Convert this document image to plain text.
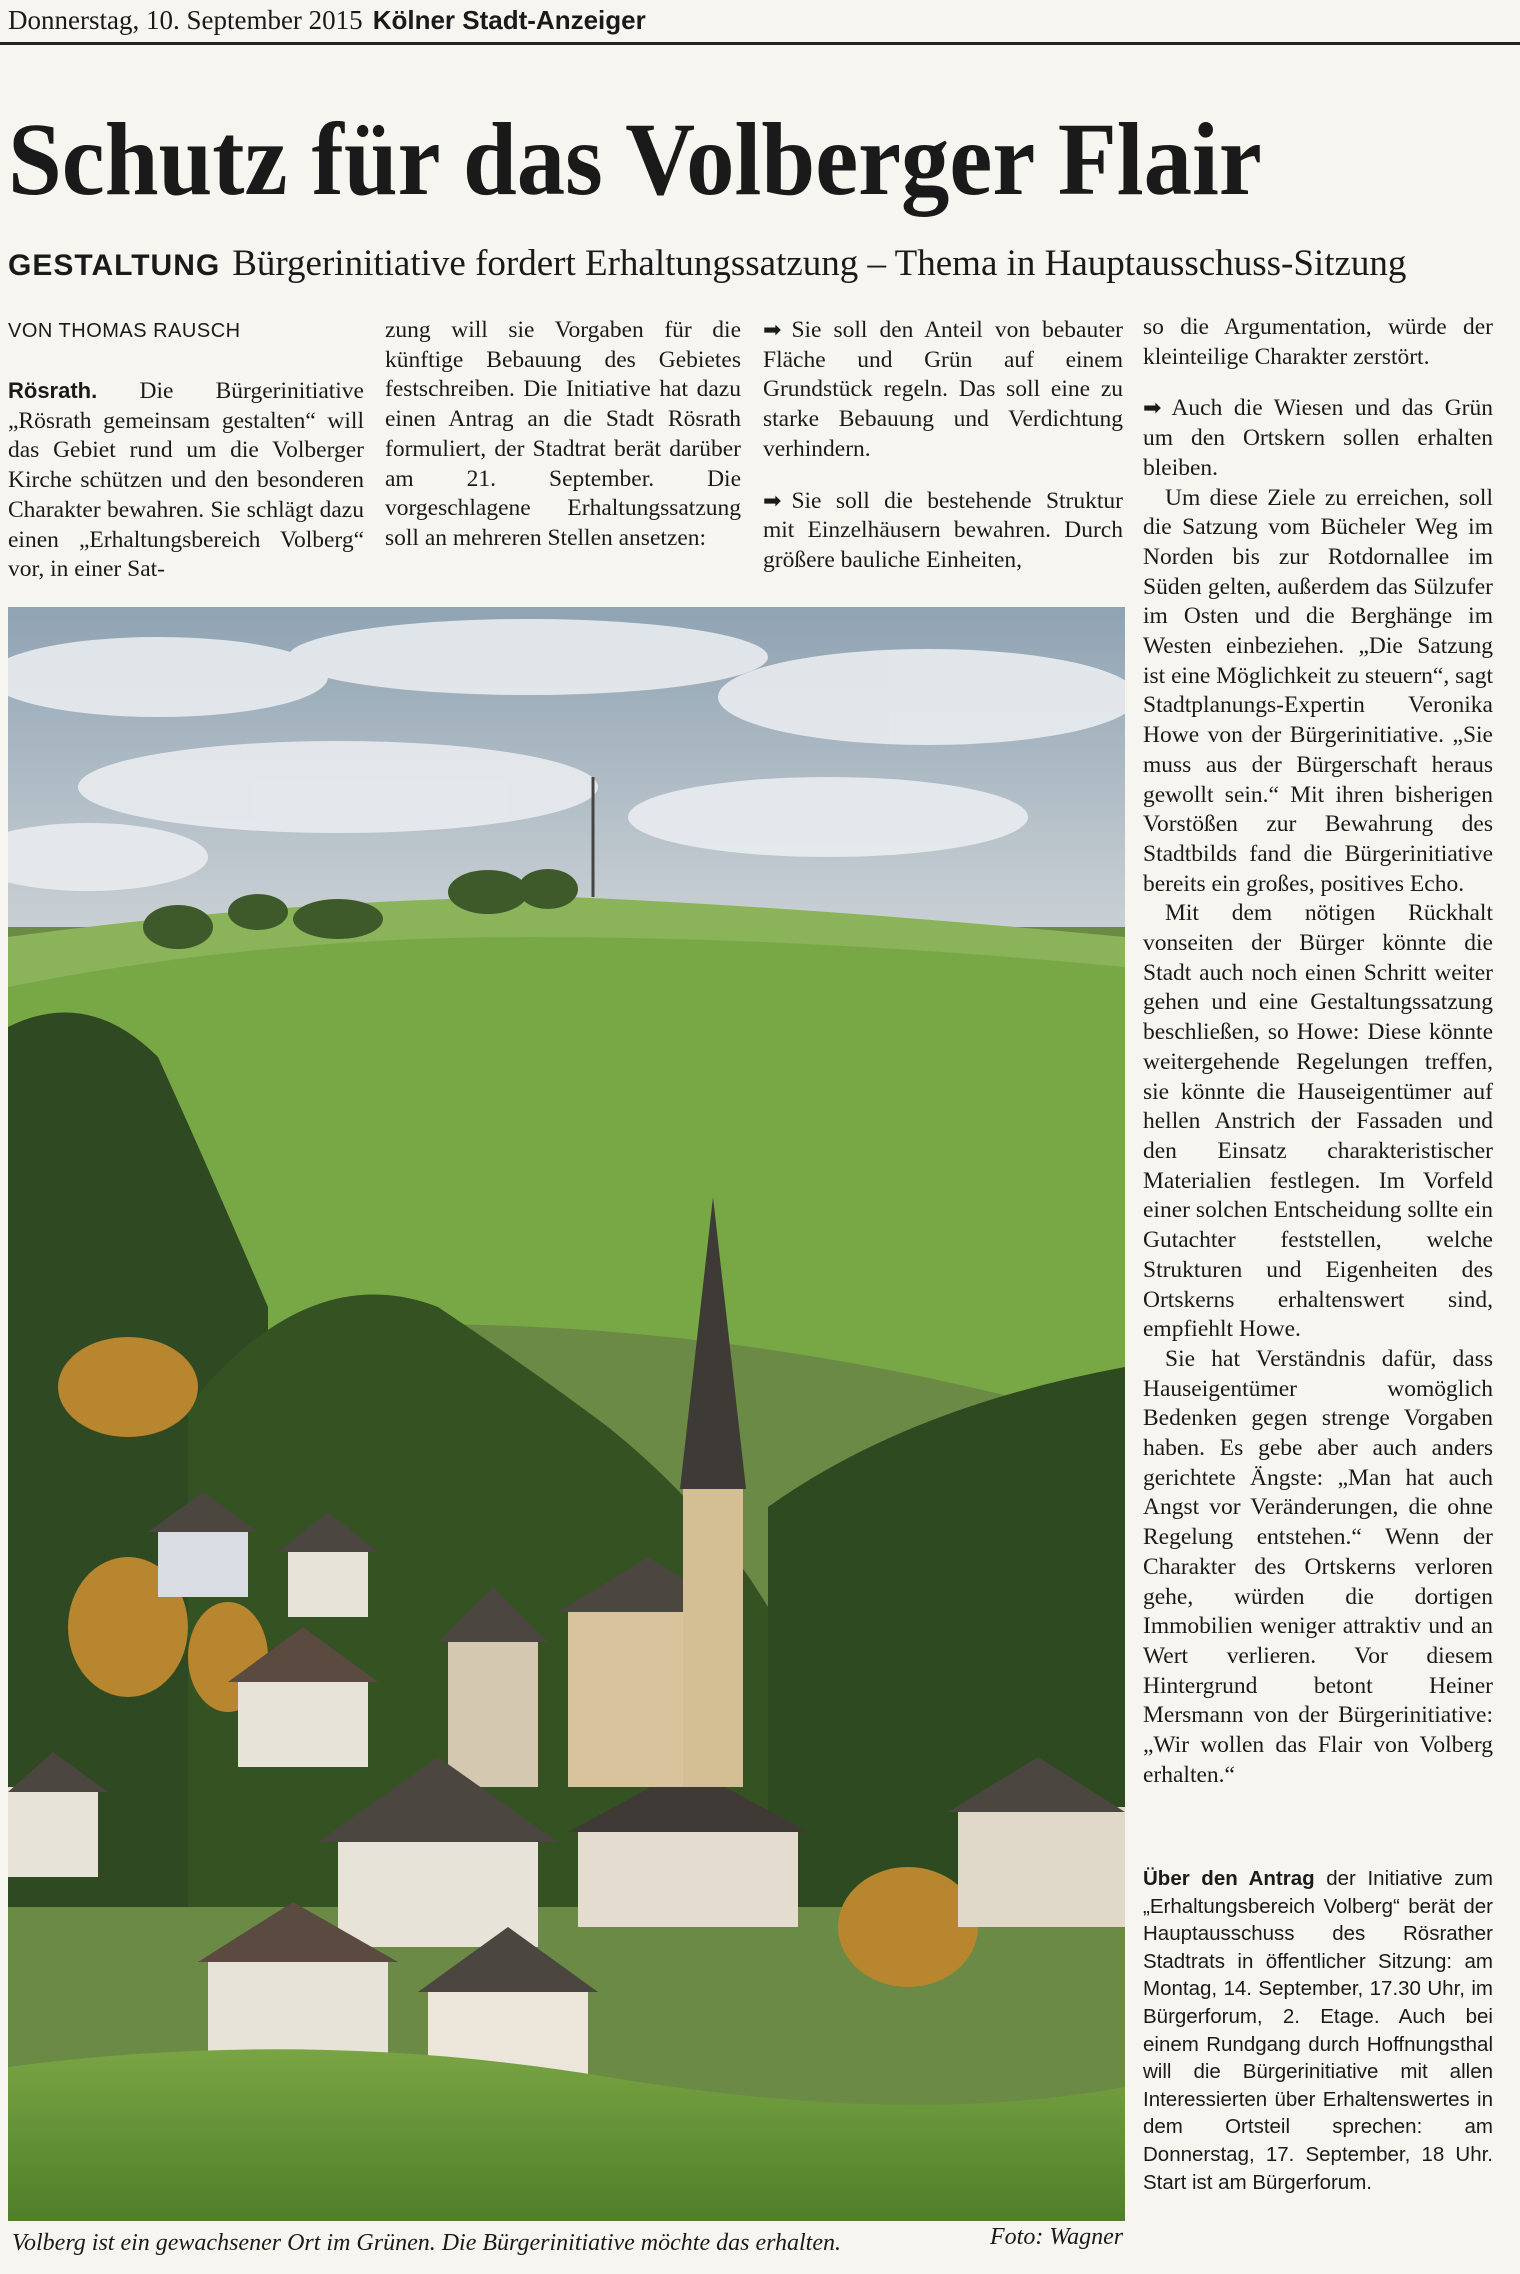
Donnerstag, 10. September 2015 Kölner Stadt-Anzeiger
Schutz für das Volberger Flair
GESTALTUNG Bürgerinitiative fordert Erhaltungssatzung – Thema in Hauptausschuss-Sitzung
VON THOMAS RAUSCH

Rösrath. Die Bürgerinitiative „Rösrath gemeinsam gestalten“ will das Gebiet rund um die Volberger Kirche schützen und den besonderen Charakter bewahren. Sie schlägt dazu einen „Erhaltungsbereich Volberg“ vor, in einer Sat-

zung will sie Vorgaben für die künftige Bebauung des Gebietes festschreiben. Die Initiative hat dazu einen Antrag an die Stadt Rösrath formuliert, der Stadtrat berät darüber am 21. September. Die vorgeschlagene Erhaltungssatzung soll an mehreren Stellen ansetzen:

➡ Sie soll den Anteil von bebauter Fläche und Grün auf einem Grundstück regeln. Das soll eine zu starke Bebauung und Verdichtung verhindern.

➡ Sie soll die bestehende Struktur mit Einzelhäusern bewahren. Durch größere bauliche Einheiten,

so die Argumentation, würde der kleinteilige Charakter zerstört.

➡ Auch die Wiesen und das Grün um den Ortskern sollen erhalten bleiben.

Um diese Ziele zu erreichen, soll die Satzung vom Bücheler Weg im Norden bis zur Rotdornallee im Süden gelten, außerdem das Sülzufer im Osten und die Berghänge im Westen einbeziehen. „Die Satzung ist eine Möglichkeit zu steuern“, sagt Stadtplanungs-Expertin Veronika Howe von der Bürgerinitiative. „Sie muss aus der Bürgerschaft heraus gewollt sein.“ Mit ihren bisherigen Vorstößen zur Bewahrung des Stadtbilds fand die Bürgerinitiative bereits ein großes, positives Echo.

Mit dem nötigen Rückhalt vonseiten der Bürger könnte die Stadt auch noch einen Schritt weiter gehen und eine Gestaltungssatzung beschließen, so Howe: Diese könnte weitergehende Regelungen treffen, sie könnte die Hauseigentümer auf hellen Anstrich der Fassaden und den Einsatz charakteristischer Materialien festlegen. Im Vorfeld einer solchen Entscheidung sollte ein Gutachter feststellen, welche Strukturen und Eigenheiten des Ortskerns erhaltenswert sind, empfiehlt Howe.

Sie hat Verständnis dafür, dass Hauseigentümer womöglich Bedenken gegen strenge Vorgaben haben. Es gebe aber auch anders gerichtete Ängste: „Man hat auch Angst vor Veränderungen, die ohne Regelung entstehen.“ Wenn der Charakter des Ortskerns verloren gehe, würden die dortigen Immobilien weniger attraktiv und an Wert verlieren. Vor diesem Hintergrund betont Heiner Mersmann von der Bürgerinitiative: „Wir wollen das Flair von Volberg erhalten.“

Über den Antrag der Initiative zum „Erhaltungsbereich Volberg“ berät der Hauptausschuss des Rösrather Stadtrats in öffentlicher Sitzung: am Montag, 14. September, 17.30 Uhr, im Bürgerforum, 2. Etage. Auch bei einem Rundgang durch Hoffnungsthal will die Bürgerinitiative mit allen Interessierten über Erhaltenswertes in dem Ortsteil sprechen: am Donnerstag, 17. September, 18 Uhr. Start ist am Bürgerforum.
Volberg ist ein gewachsener Ort im Grünen. Die Bürgerinitiative möchte das erhalten.	Foto: Wagner
